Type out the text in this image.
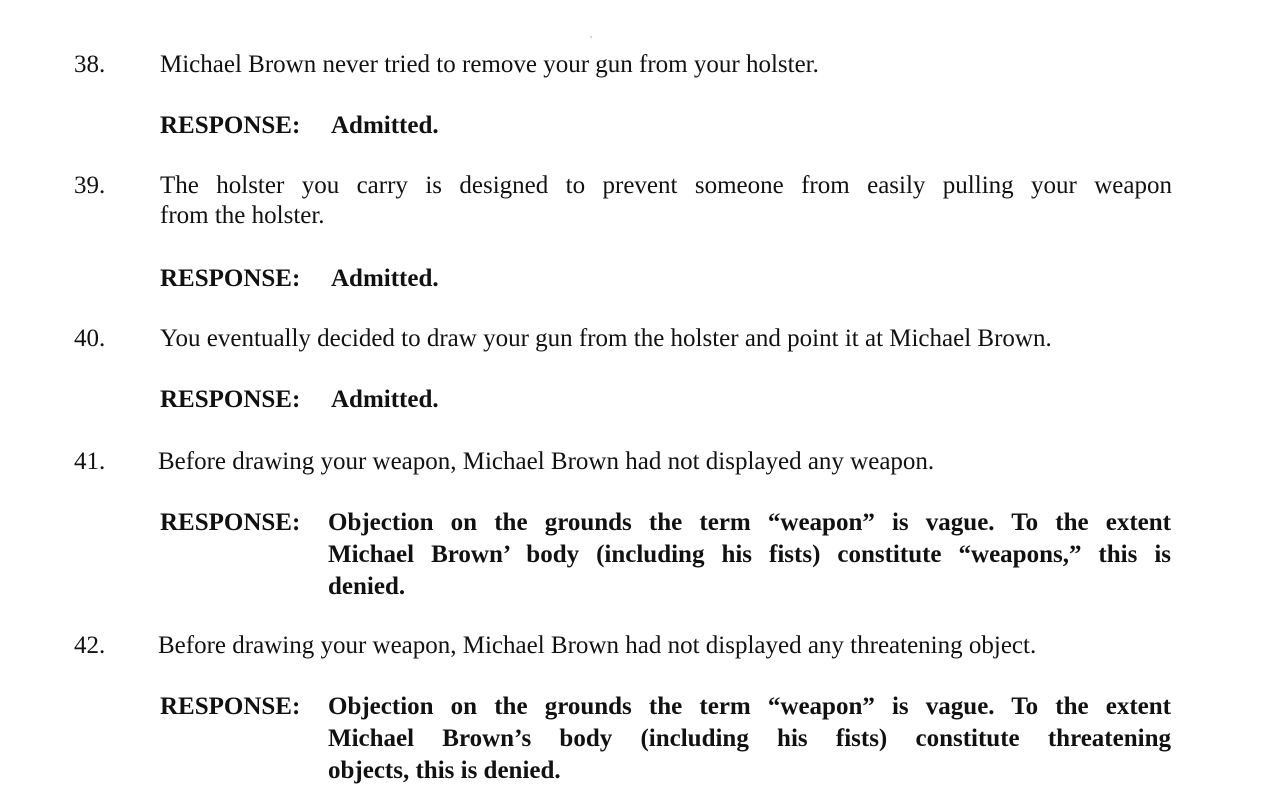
38. Michael Brown never tried to remove your gun from your holster.
RESPONSE: Admitted.
39. The holster you carry is designed to prevent someone from easily pulling your weapon
from the holster.
RESPONSE: Admitted.
40. You eventually decided to draw your gun from the holster and point it at Michael Brown.
RESPONSE: Admitted.
41. Before drawing your weapon, Michael Brown had not displayed any weapon.
RESPONSE: Objection on the grounds the term “weapon” is vague. To the extent
Michael Brown’ body (including his fists) constitute “weapons,” this is
denied.
42. Before drawing your weapon, Michael Brown had not displayed any threatening object.
RESPONSE: Objection on the grounds the term “weapon” is vague. To the extent
Michael Brown’s body (including his fists) constitute threatening
objects, this is denied.
